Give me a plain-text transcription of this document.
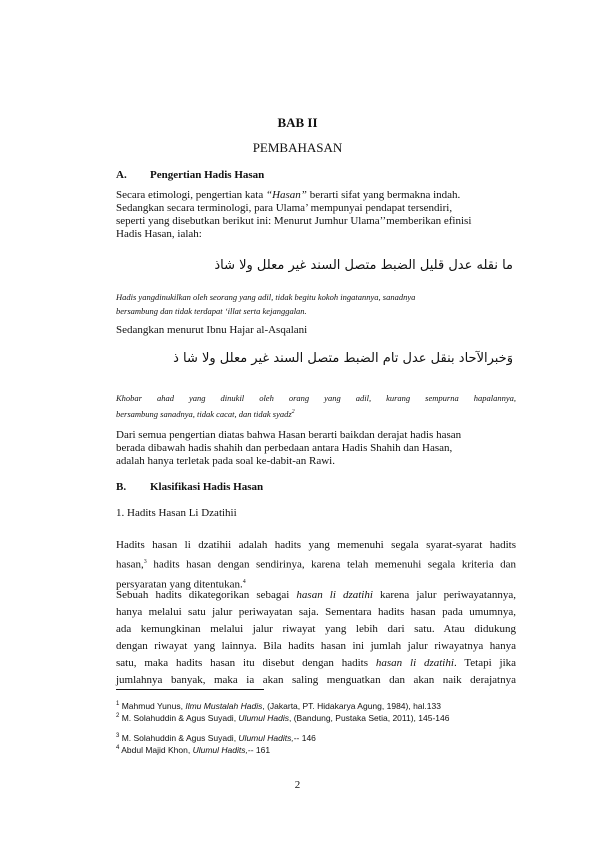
BAB II
PEMBAHASAN
A. Pengertian Hadis Hasan
Secara etimologi, pengertian kata “Hasan” berarti sifat yang bermakna indah.
Sedangkan secara terminologi, para Ulama’ mempunyai pendapat tersendiri,
seperti yang disebutkan berikut ini: Menurut Jumhur Ulama’’memberikan efinisi
Hadis Hasan, ialah:
ما نقله عدل قليل الضبط متصل السند غير معلل ولا شاذ
Hadis yangdinukilkan oleh seorang yang adil, tidak begitu kokoh ingatannya, sanadnya
bersambung dan tidak terdapat ‘illat serta kejanggalan.
Sedangkan menurut Ibnu Hajar al-Asqalani
وَخبرالآحاد بنقل عدل تام الضبط متصل السند غير معلل ولا شا ذ
Khobar ahad yang dinukil oleh orang yang adil, kurang sempurna hapalannya,
bersambung sanadnya, tidak cacat, dan tidak syadz$^2$
Dari semua pengertian diatas bahwa Hasan berarti baikdan derajat hadis hasan
berada dibawah hadis shahih dan perbedaan antara Hadis Shahih dan Hasan,
adalah hanya terletak pada soal ke-dabit-an Rawi.
B. Klasifikasi Hadis Hasan
1. Hadits Hasan Li Dzatihii
Hadits hasan li dzatihii adalah hadits yang memenuhi segala syarat-syarat hadits
hasan,$^3$ hadits hasan dengan sendirinya, karena telah memenuhi segala kriteria dan
persyaratan yang ditentukan.$^4$
Sebuah hadits dikategorikan sebagai hasan li dzatihi karena jalur periwayatannya,
hanya melalui satu jalur periwayatan saja. Sementara hadits hasan pada umumnya,
ada kemungkinan melalui jalur riwayat yang lebih dari satu. Atau didukung
dengan riwayat yang lainnya. Bila hadits hasan ini jumlah jalur riwayatnya hanya
satu, maka hadits hasan itu disebut dengan hadits hasan li dzatihi. Tetapi jika
jumlahnya banyak, maka ia akan saling menguatkan dan akan naik derajatnya
$^1$ Mahmud Yunus, Ilmu Mustalah Hadis, (Jakarta, PT. Hidakarya Agung, 1984), hal.133
$^2$ M. Solahuddin & Agus Suyadi, Ulumul Hadis, (Bandung, Pustaka Setia, 2011), 145-146
$^3$ M. Solahuddin & Agus Suyadi, Ulumul Hadits,-- 146
$^4$ Abdul Majid Khon, Ulumul Hadits,-- 161
2
